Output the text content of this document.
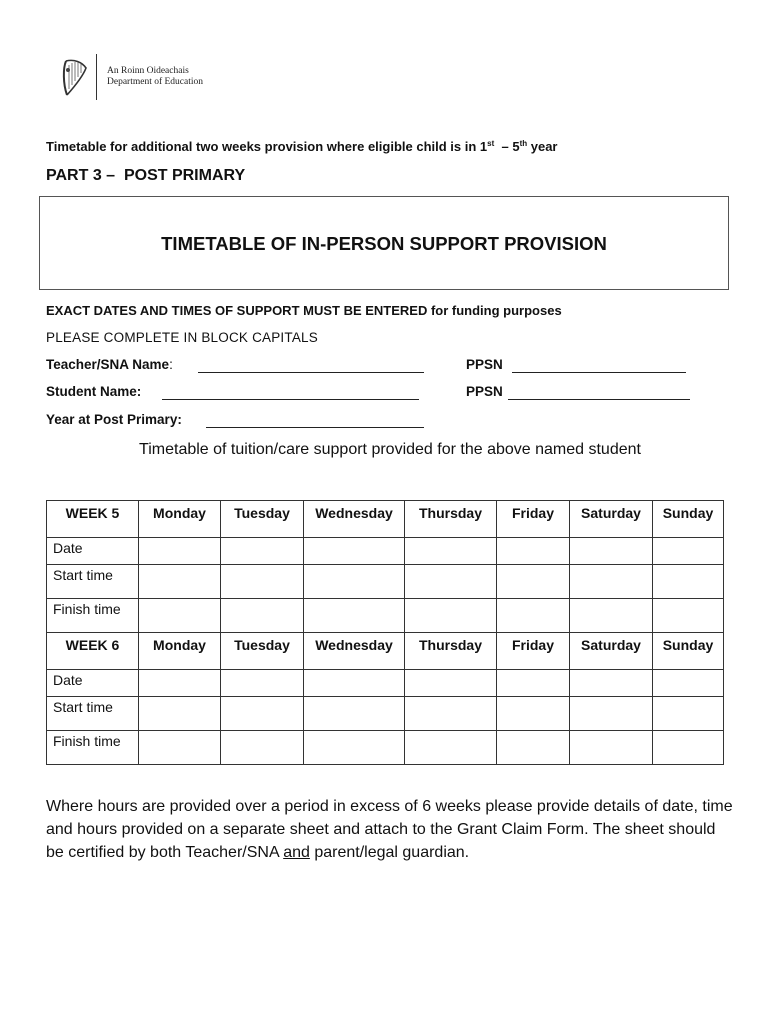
An Roinn Oideachais
Department of Education
Timetable for additional two weeks provision where eligible child is in 1st  – 5th year
PART 3 –  POST PRIMARY
TIMETABLE OF IN-PERSON SUPPORT PROVISION
EXACT DATES AND TIMES OF SUPPORT MUST BE ENTERED for funding purposes
PLEASE COMPLETE IN BLOCK CAPITALS
Teacher/SNA Name:	PPSN
Student Name:	PPSN
Year at Post Primary:
Timetable of tuition/care support provided for the above named student
WEEK 5	Monday	Tuesday	Wednesday	Thursday	Friday	Saturday	Sunday
Date							
Start time							
Finish time							
WEEK 6	Monday	Tuesday	Wednesday	Thursday	Friday	Saturday	Sunday
Date							
Start time							
Finish time							
Where hours are provided over a period in excess of 6 weeks please provide details of date, time and hours provided on a separate sheet and attach to the Grant Claim Form. The sheet should be certified by both Teacher/SNA and parent/legal guardian.
